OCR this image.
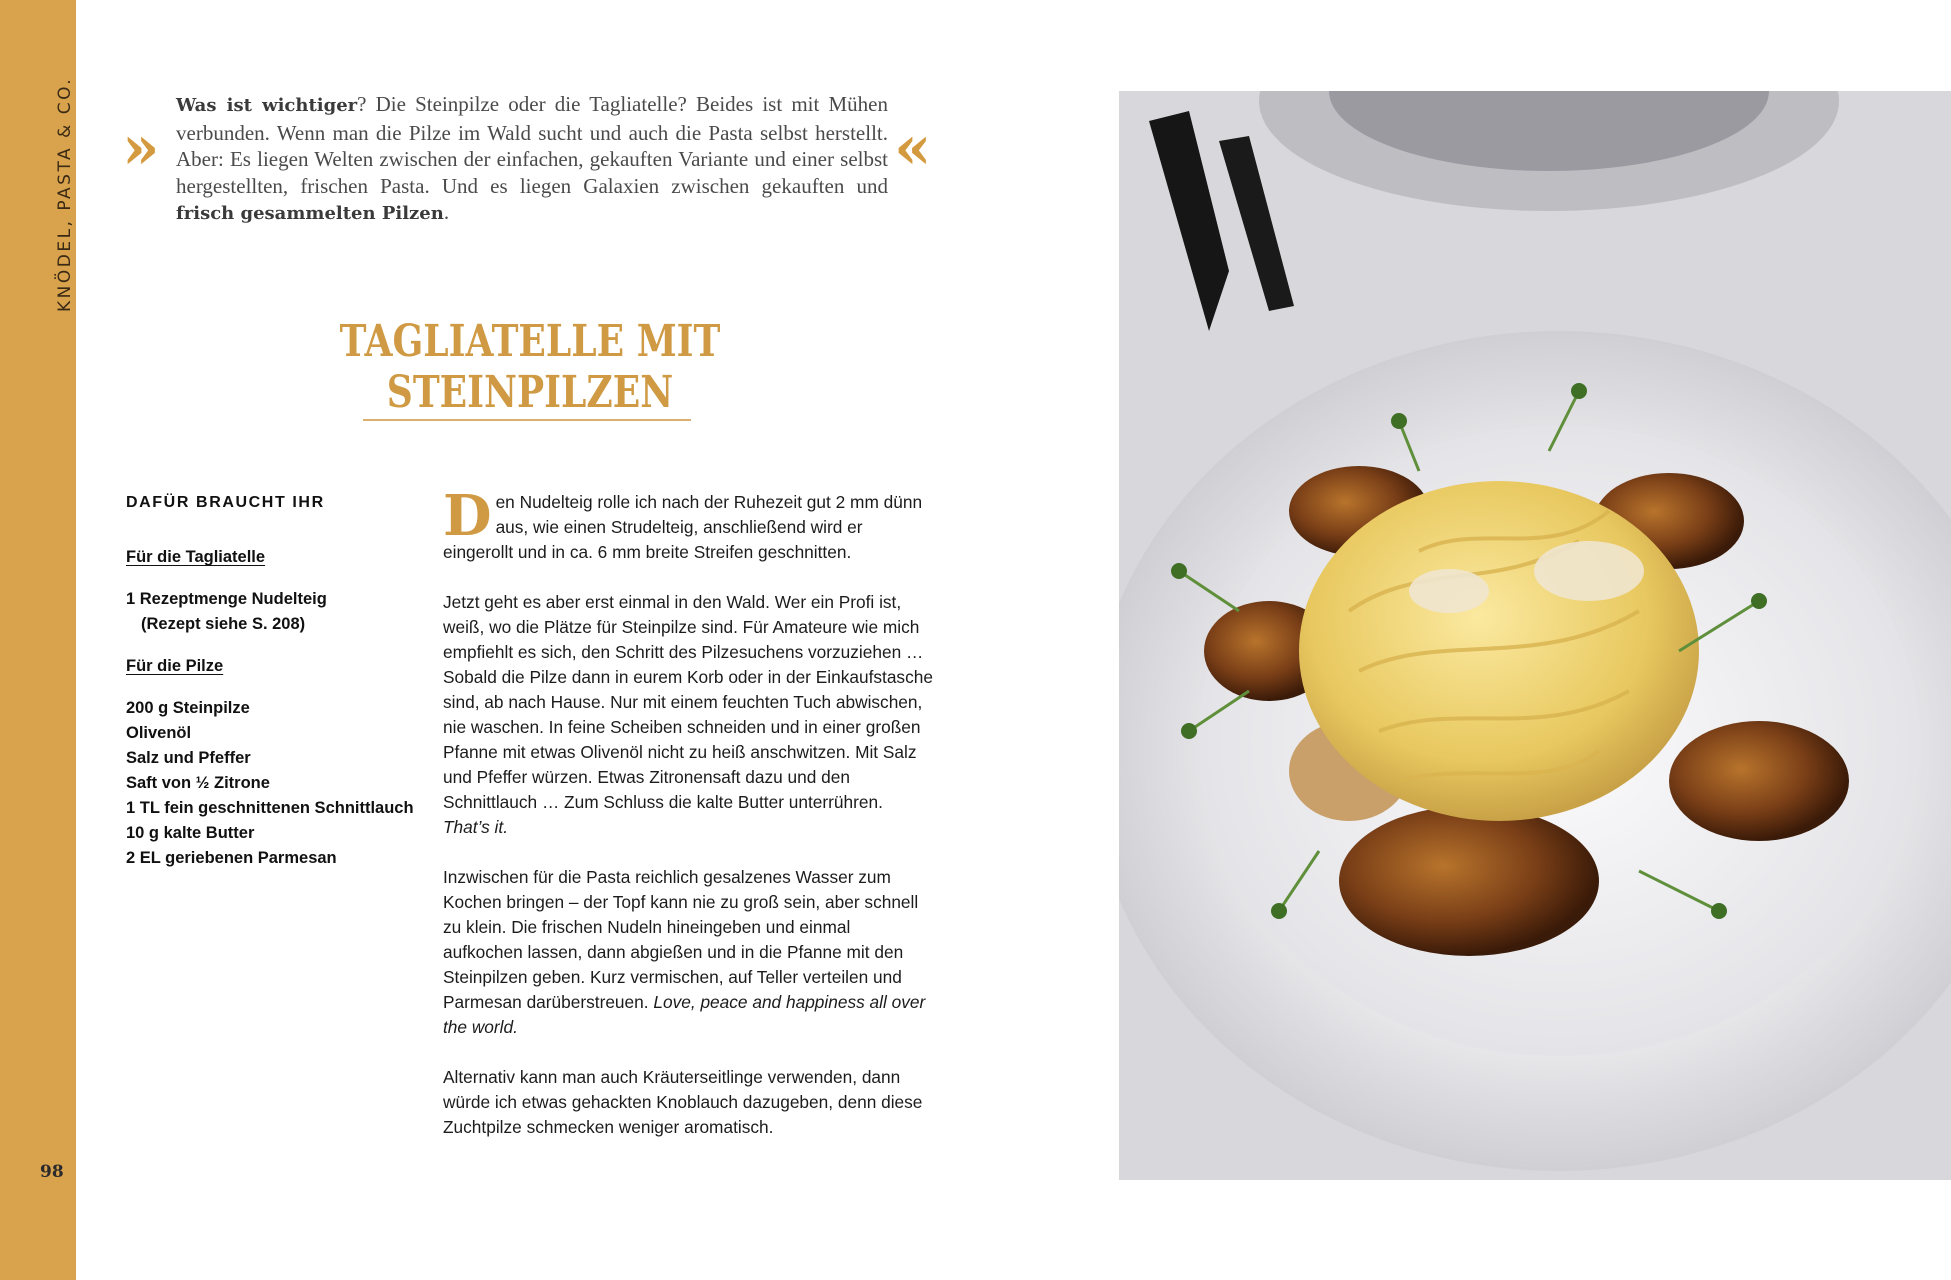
KNÖDEL, PASTA & CO.
98
»
Was ist wichtiger? Die Steinpilze oder die Tagliatelle? Beides ist mit Mühen verbunden. Wenn man die Pilze im Wald sucht und auch die Pasta selbst herstellt. Aber: Es liegen Welten zwischen der einfachen, gekauften Variante und einer selbst hergestellten, frischen Pasta. Und es liegen Galaxien zwischen gekauften und frisch gesammelten Pilzen.
«
TAGLIATELLE MIT STEINPILZEN
DAFÜR BRAUCHT IHR
Für die Tagliatelle
1 Rezeptmenge Nudelteig
(Rezept siehe S. 208)
Für die Pilze
200 g Steinpilze
Olivenöl
Salz und Pfeffer
Saft von ½ Zitrone
1 TL fein geschnittenen Schnittlauch
10 g kalte Butter
2 EL geriebenen Parmesan

Den Nudelteig rolle ich nach der Ruhezeit gut 2 mm dünn aus, wie einen Strudelteig, anschließend wird er eingerollt und in ca. 6 mm breite Streifen geschnitten.

Jetzt geht es aber erst einmal in den Wald. Wer ein Profi ist, weiß, wo die Plätze für Steinpilze sind. Für Amateure wie mich empfiehlt es sich, den Schritt des Pilzesuchens vorzuziehen … Sobald die Pilze dann in eurem Korb oder in der Einkaufstasche sind, ab nach Hause. Nur mit einem feuchten Tuch abwischen, nie waschen. In feine Scheiben schneiden und in einer großen Pfanne mit etwas Olivenöl nicht zu heiß anschwitzen. Mit Salz und Pfeffer würzen. Etwas Zitronensaft dazu und den Schnittlauch … Zum Schluss die kalte Butter unterrühren. That’s it.

Inzwischen für die Pasta reichlich gesalzenes Wasser zum Kochen bringen – der Topf kann nie zu groß sein, aber schnell zu klein. Die frischen Nudeln hineingeben und einmal aufkochen lassen, dann abgießen und in die Pfanne mit den Steinpilzen geben. Kurz vermischen, auf Teller verteilen und Parmesan darüberstreuen. Love, peace and happiness all over the world.

Alternativ kann man auch Kräuterseitlinge verwenden, dann würde ich etwas gehackten Knoblauch dazugeben, denn diese Zuchtpilze schmecken weniger aromatisch.
